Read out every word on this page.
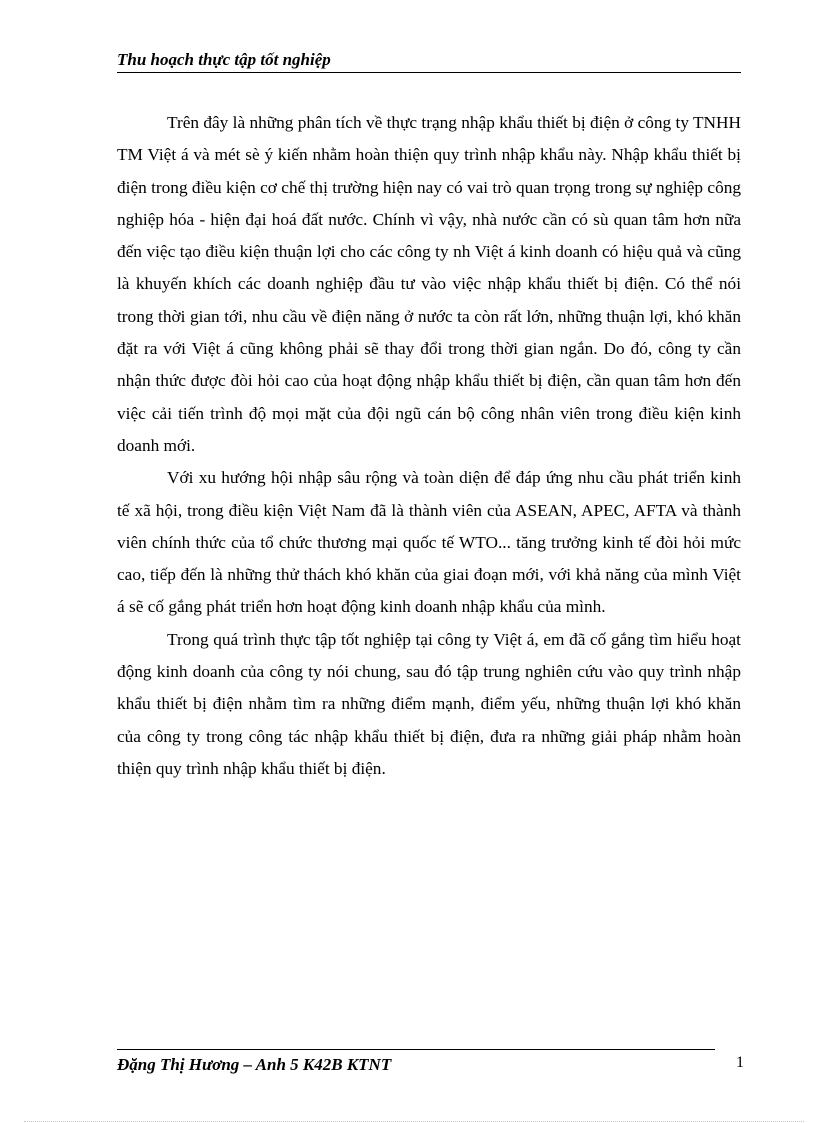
Thu hoạch thực tập tốt nghiệp

Trên đây là những phân tích về thực trạng nhập khẩu thiết bị điện ở công ty TNHH TM Việt á và mét sè ý kiến nhằm hoàn thiện quy trình nhập khẩu này. Nhập khẩu thiết bị điện trong điều kiện cơ chế thị trường hiện nay có vai trò quan trọng trong sự nghiệp công nghiệp hóa - hiện đại hoá đất nước. Chính vì vậy, nhà nước cần có sù quan tâm hơn nữa đến việc tạo điều kiện thuận lợi cho các công ty nh Việt á kinh doanh có hiệu quả và cũng là khuyến khích các doanh nghiệp đầu tư vào việc nhập khẩu thiết bị điện. Có thể nói trong thời gian tới, nhu cầu về điện năng ở nước ta còn rất lớn, những thuận lợi, khó khăn đặt ra với Việt á cũng không phải sẽ thay đổi trong thời gian ngắn. Do đó, công ty cần nhận thức được đòi hỏi cao của hoạt động nhập khẩu thiết bị điện, cần quan tâm hơn đến việc cải tiến trình độ mọi mặt của đội ngũ cán bộ công nhân viên trong điều kiện kinh doanh mới.

Với xu hướng hội nhập sâu rộng và toàn diện để đáp ứng nhu cầu phát triển kinh tế xã hội, trong điều kiện Việt Nam đã là thành viên của ASEAN, APEC, AFTA và thành viên chính thức của tổ chức thương mại quốc tế WTO... tăng trưởng kinh tế đòi hỏi mức cao, tiếp đến là những thử thách khó khăn của giai đoạn mới, với khả năng của mình Việt á sẽ cố gắng phát triển hơn hoạt động kinh doanh nhập khẩu của mình.

Trong quá trình thực tập tốt nghiệp tại công ty Việt á, em đã cố gắng tìm hiểu hoạt động kinh doanh của công ty nói chung, sau đó tập trung nghiên cứu vào quy trình nhập khẩu thiết bị điện nhằm tìm ra những điểm mạnh, điểm yếu, những thuận lợi khó khăn của công ty trong công tác nhập khẩu thiết bị điện, đưa ra những giải pháp nhằm hoàn thiện quy trình nhập khẩu thiết bị điện.

Đặng Thị Hương – Anh 5 K42B KTNT	1
